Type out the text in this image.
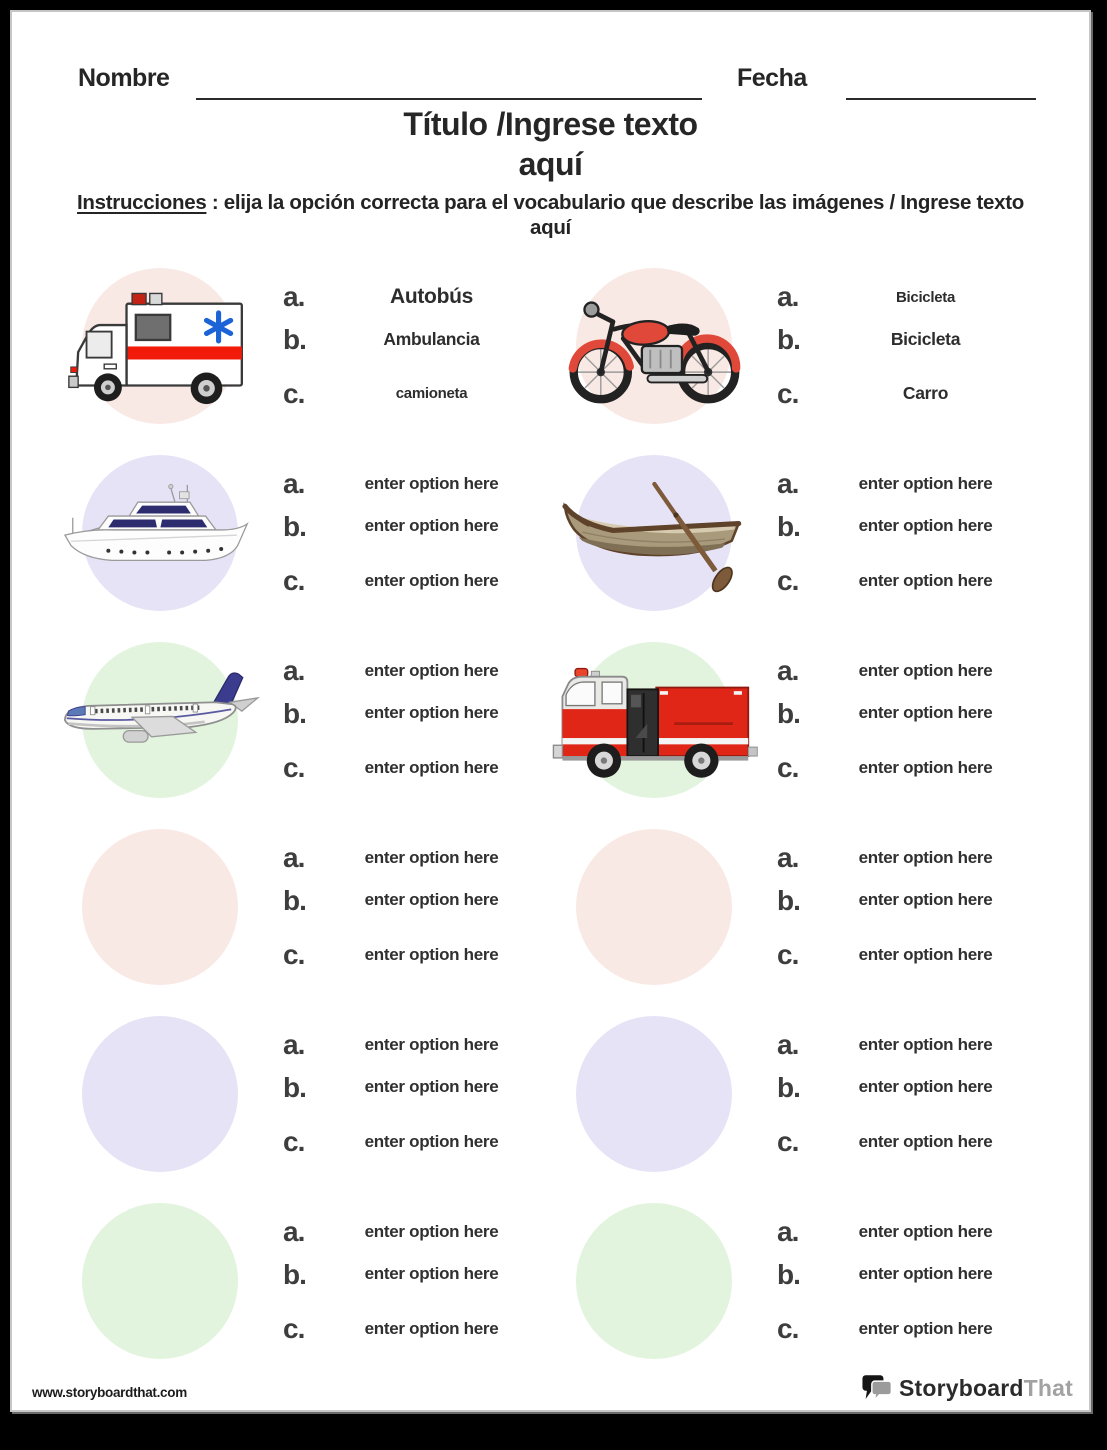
Nombre	Fecha
Título /Ingrese texto
aquí
Instrucciones : elija la opción correcta para el vocabulario que describe las imágenes / Ingrese texto
aquí
a.	Autobús
b.	Ambulancia
c.	camioneta
a.	Bicicleta
b.	Bicicleta
c.	Carro
a.	enter option here
b.	enter option here
c.	enter option here
a.	enter option here
b.	enter option here
c.	enter option here
a.	enter option here
b.	enter option here
c.	enter option here
a.	enter option here
b.	enter option here
c.	enter option here
a.	enter option here
b.	enter option here
c.	enter option here
a.	enter option here
b.	enter option here
c.	enter option here
a.	enter option here
b.	enter option here
c.	enter option here
a.	enter option here
b.	enter option here
c.	enter option here
a.	enter option here
b.	enter option here
c.	enter option here
a.	enter option here
b.	enter option here
c.	enter option here
www.storyboardthat.com	StoryboardThat
